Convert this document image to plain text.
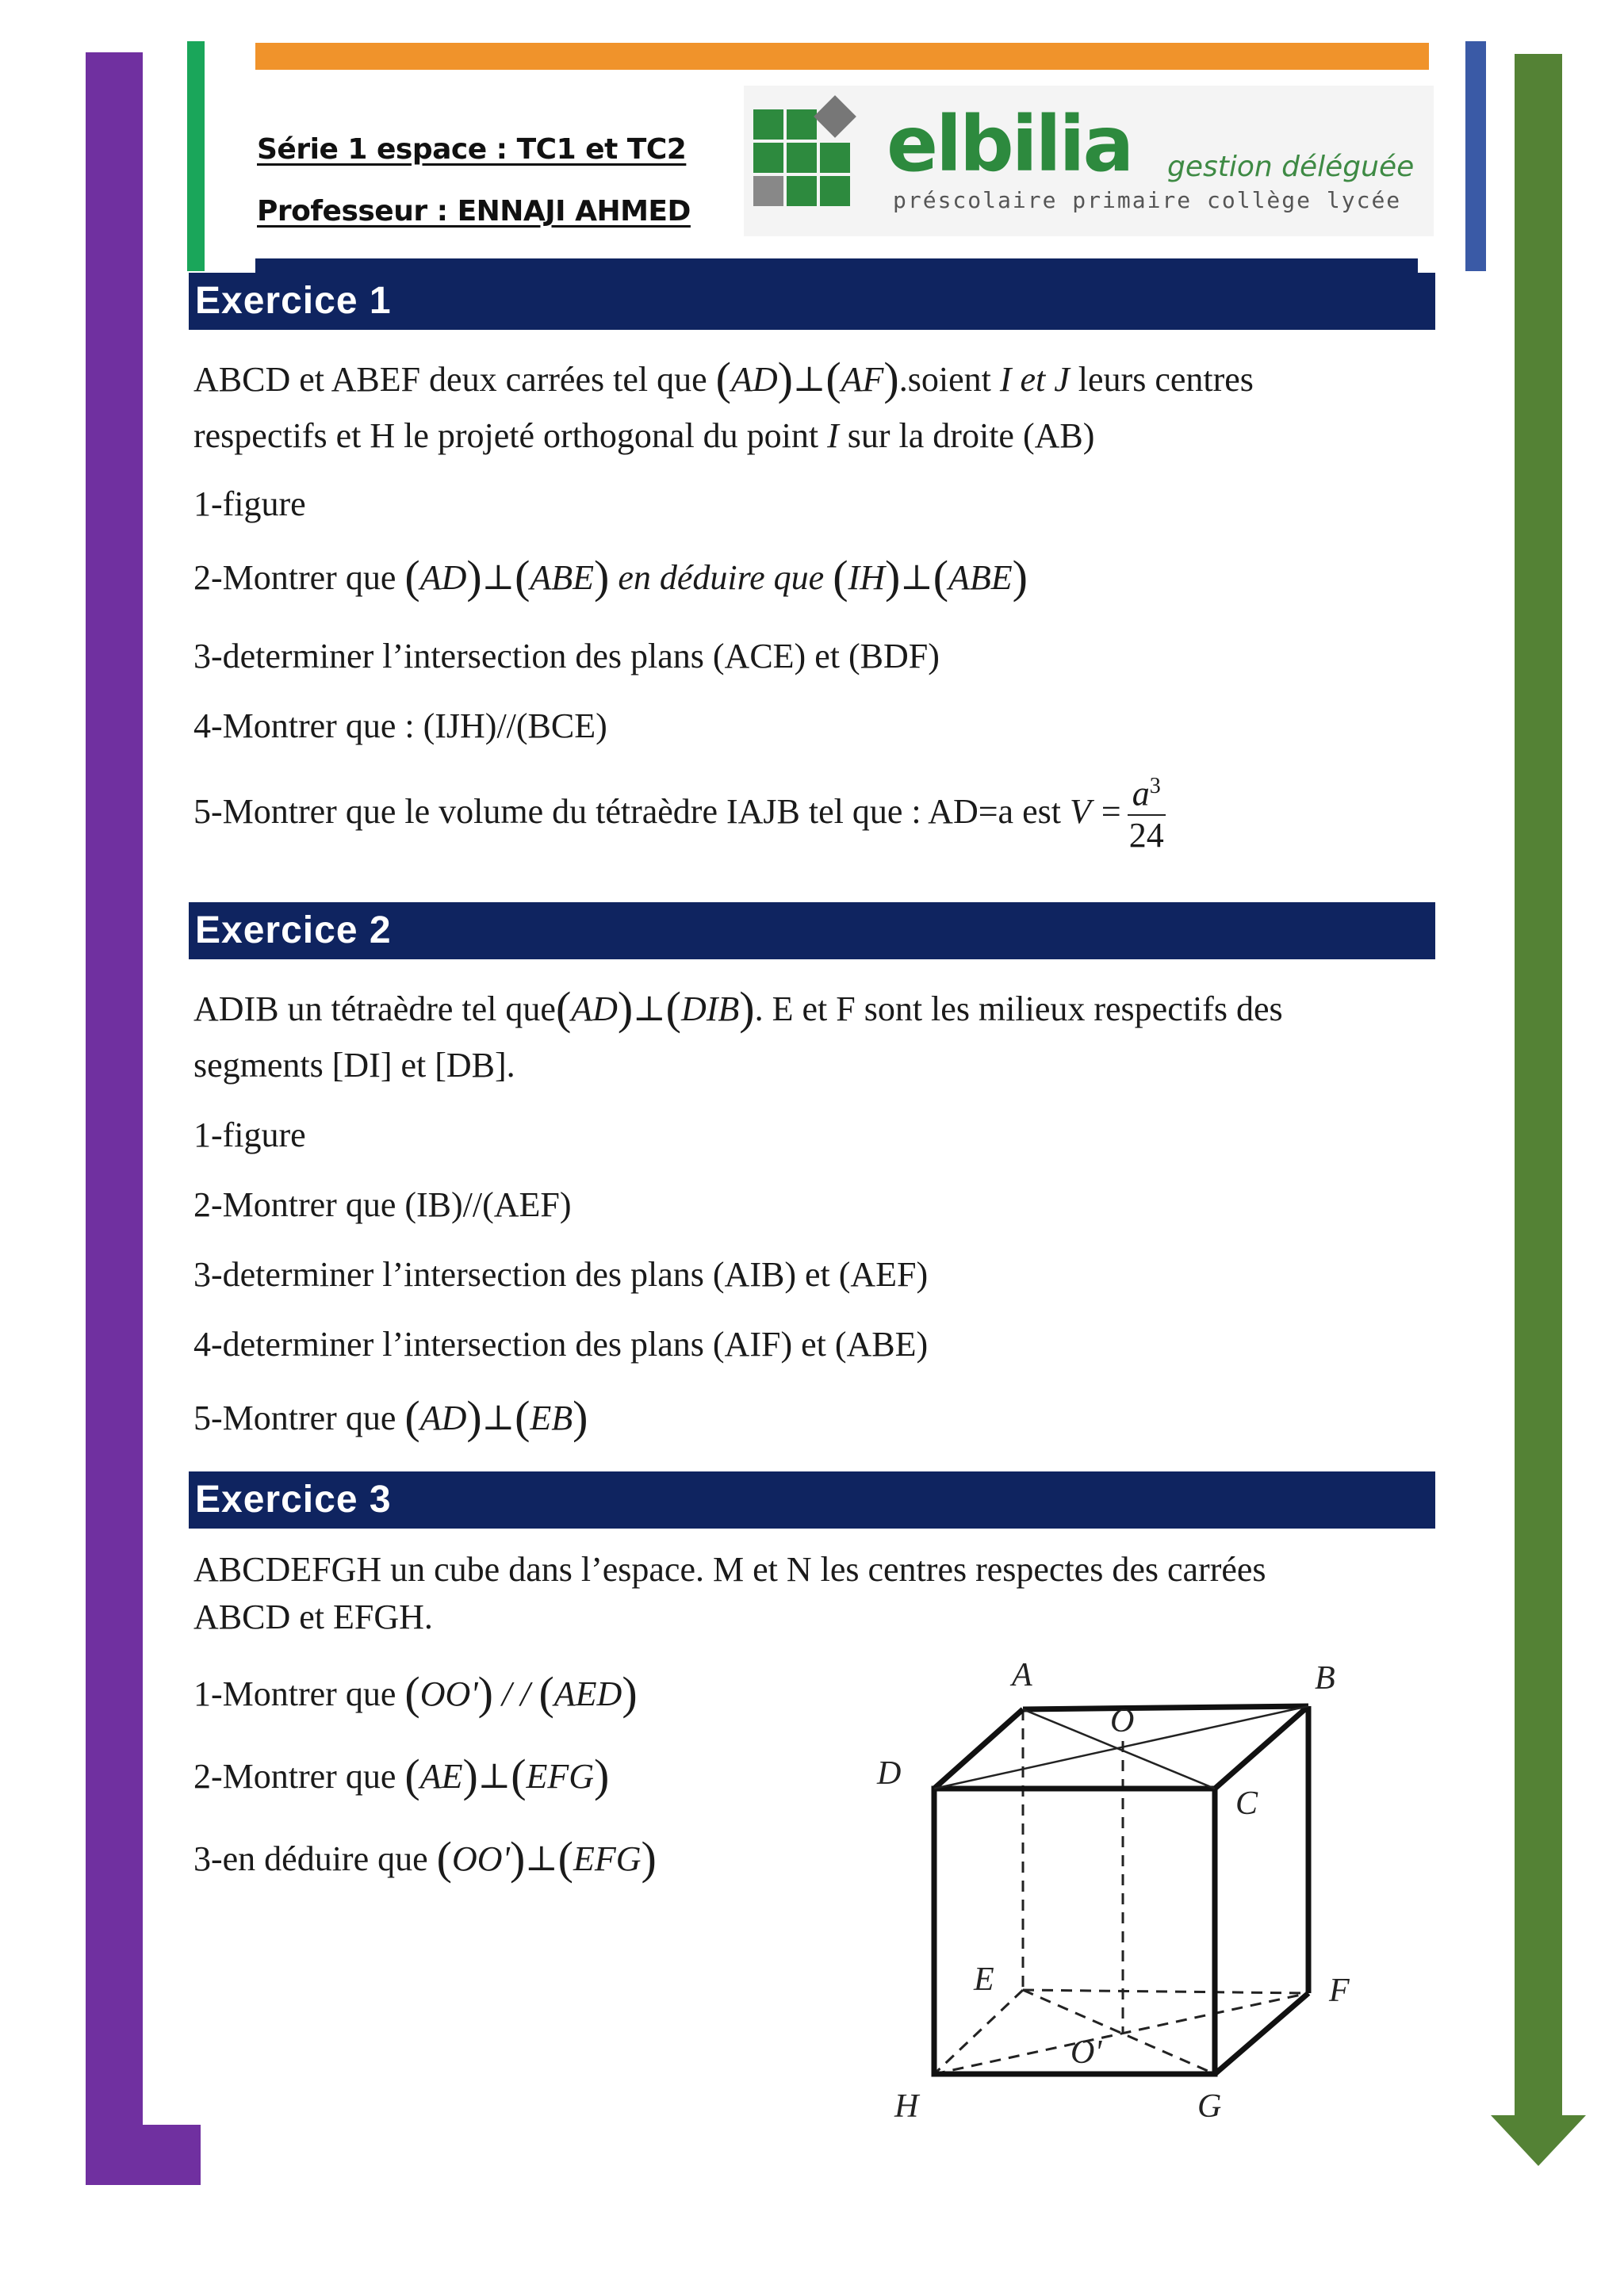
Série 1 espace : TC1 et TC2
Professeur : ENNAJI AHMED
elbilia gestion déléguée
préscolaire primaire collège lycée
Exercice 1
ABCD et ABEF deux carrées tel que (AD)⊥(AF).soient I et J leurs centres
respectifs et H le projeté orthogonal du point I sur la droite (AB)
1-figure
2-Montrer que (AD)⊥(ABE) en déduire que (IH)⊥(ABE)
3-determiner l’intersection des plans (ACE) et (BDF)
4-Montrer que : (IJH)//(BCE)
5-Montrer que le volume du tétraèdre IAJB tel que : AD=a est $V = \frac{a^3}{24}$
Exercice 2
ADIB un tétraèdre tel que(AD)⊥(DIB). E et F sont les milieux respectifs des
segments [DI] et [DB].
1-figure
2-Montrer que (IB)//(AEF)
3-determiner l’intersection des plans (AIB) et (AEF)
4-determiner l’intersection des plans (AIF) et (ABE)
5-Montrer que (AD)⊥(EB)
Exercice 3
ABCDEFGH un cube dans l’espace. M et N les centres respectes des carrées
ABCD et EFGH.
1-Montrer que (OO') / / (AED)
2-Montrer que (AE)⊥(EFG)
3-en déduire que (OO')⊥(EFG)
A	B
C
D
E	F
G
H
O
O'
